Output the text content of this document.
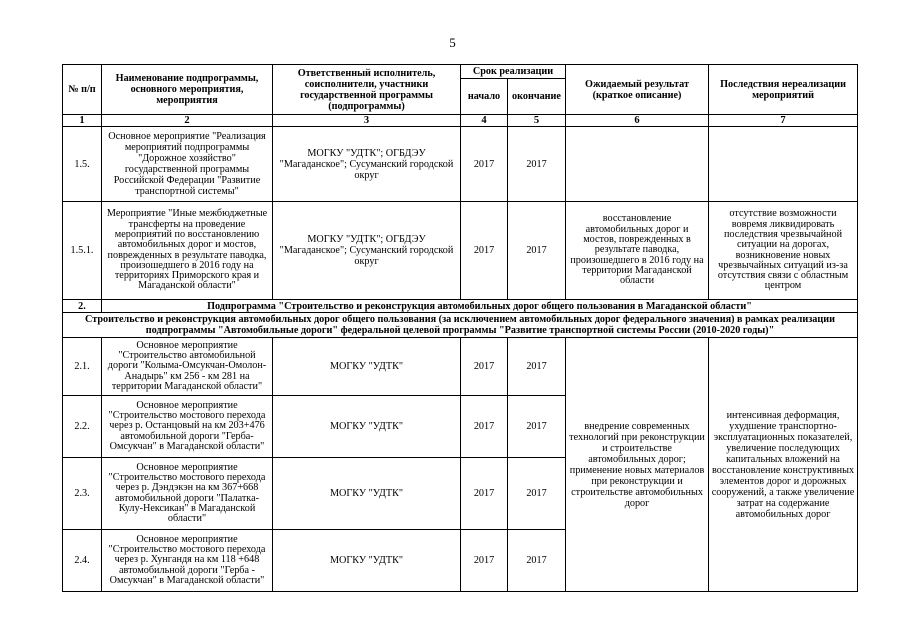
5
№ п/п	Наименование подпрограммы, основного мероприятия, мероприятия	Ответственный исполнитель, соисполнители, участники государственной программы (подпрограммы)	Срок реализации		Ожидаемый результат (краткое описание)	Последствия нереализации мероприятий
			начало	окончание		
1	2	3	4	5	6	7
1.5.	Основное мероприятие "Реализация мероприятий подпрограммы "Дорожное хозяйство" государственной программы Российской Федерации "Развитие транспортной системы"	МОГКУ "УДТК"; ОГБДЭУ "Магаданское"; Сусуманский городской округ	2017	2017		
1.5.1.	Мероприятие "Иные межбюджетные трансферты на проведение мероприятий по восстановлению автомобильных дорог и мостов, поврежденных в результате паводка, произошедшего в 2016 году на территориях Приморского края и Магаданской области"	МОГКУ "УДТК"; ОГБДЭУ "Магаданское"; Сусуманский городской округ	2017	2017	восстановление автомобильных дорог и мостов, поврежденных в результате паводка, произошедшего в 2016 году на территории Магаданской области	отсутствие возможности вовремя ликвидировать последствия чрезвычайной ситуации на дорогах, возникновение новых чрезвычайных ситуаций из-за отсутствия связи с областным центром
2.	Подпрограмма "Строительство и реконструкция автомобильных дорог общего пользования в Магаданской области"					
Строительство и реконструкция автомобильных дорог общего пользования (за исключением автомобильных дорог федерального значения) в рамках реализации подпрограммы "Автомобильные дороги" федеральной целевой программы "Развитие транспортной системы России (2010-2020 годы)"						
2.1.	Основное мероприятие "Строительство автомобильной дороги "Колыма-Омсукчан-Омолон-Анадырь" км 256 - км 281 на территории Магаданской области"	МОГКУ "УДТК"	2017	2017	внедрение современных технологий при реконструкции и строительстве автомобильных дорог; применение новых материалов при реконструкции и строительстве автомобильных дорог	интенсивная деформация, ухудшение транспортно-эксплуатационных показателей, увеличение последующих капитальных вложений на восстановление конструктивных элементов дорог и дорожных сооружений, а также увеличение затрат на содержание автомобильных дорог
2.2.	Основное мероприятие "Строительство мостового перехода через р. Останцовый на км 203+476 автомобильной дороги "Герба-Омсукчан" в Магаданской области"	МОГКУ "УДТК"	2017	2017		
2.3.	Основное мероприятие "Строительство мостового перехода через р. Дэндэкэн на км 367+668 автомобильной дороги "Палатка-Кулу-Нексикан" в Магаданской области"	МОГКУ "УДТК"	2017	2017		
2.4.	Основное мероприятие "Строительство мостового перехода через р. Хунгандя на км 118 +648 автомобильной дороги "Герба - Омсукчан" в Магаданской области"	МОГКУ "УДТК"	2017	2017		
